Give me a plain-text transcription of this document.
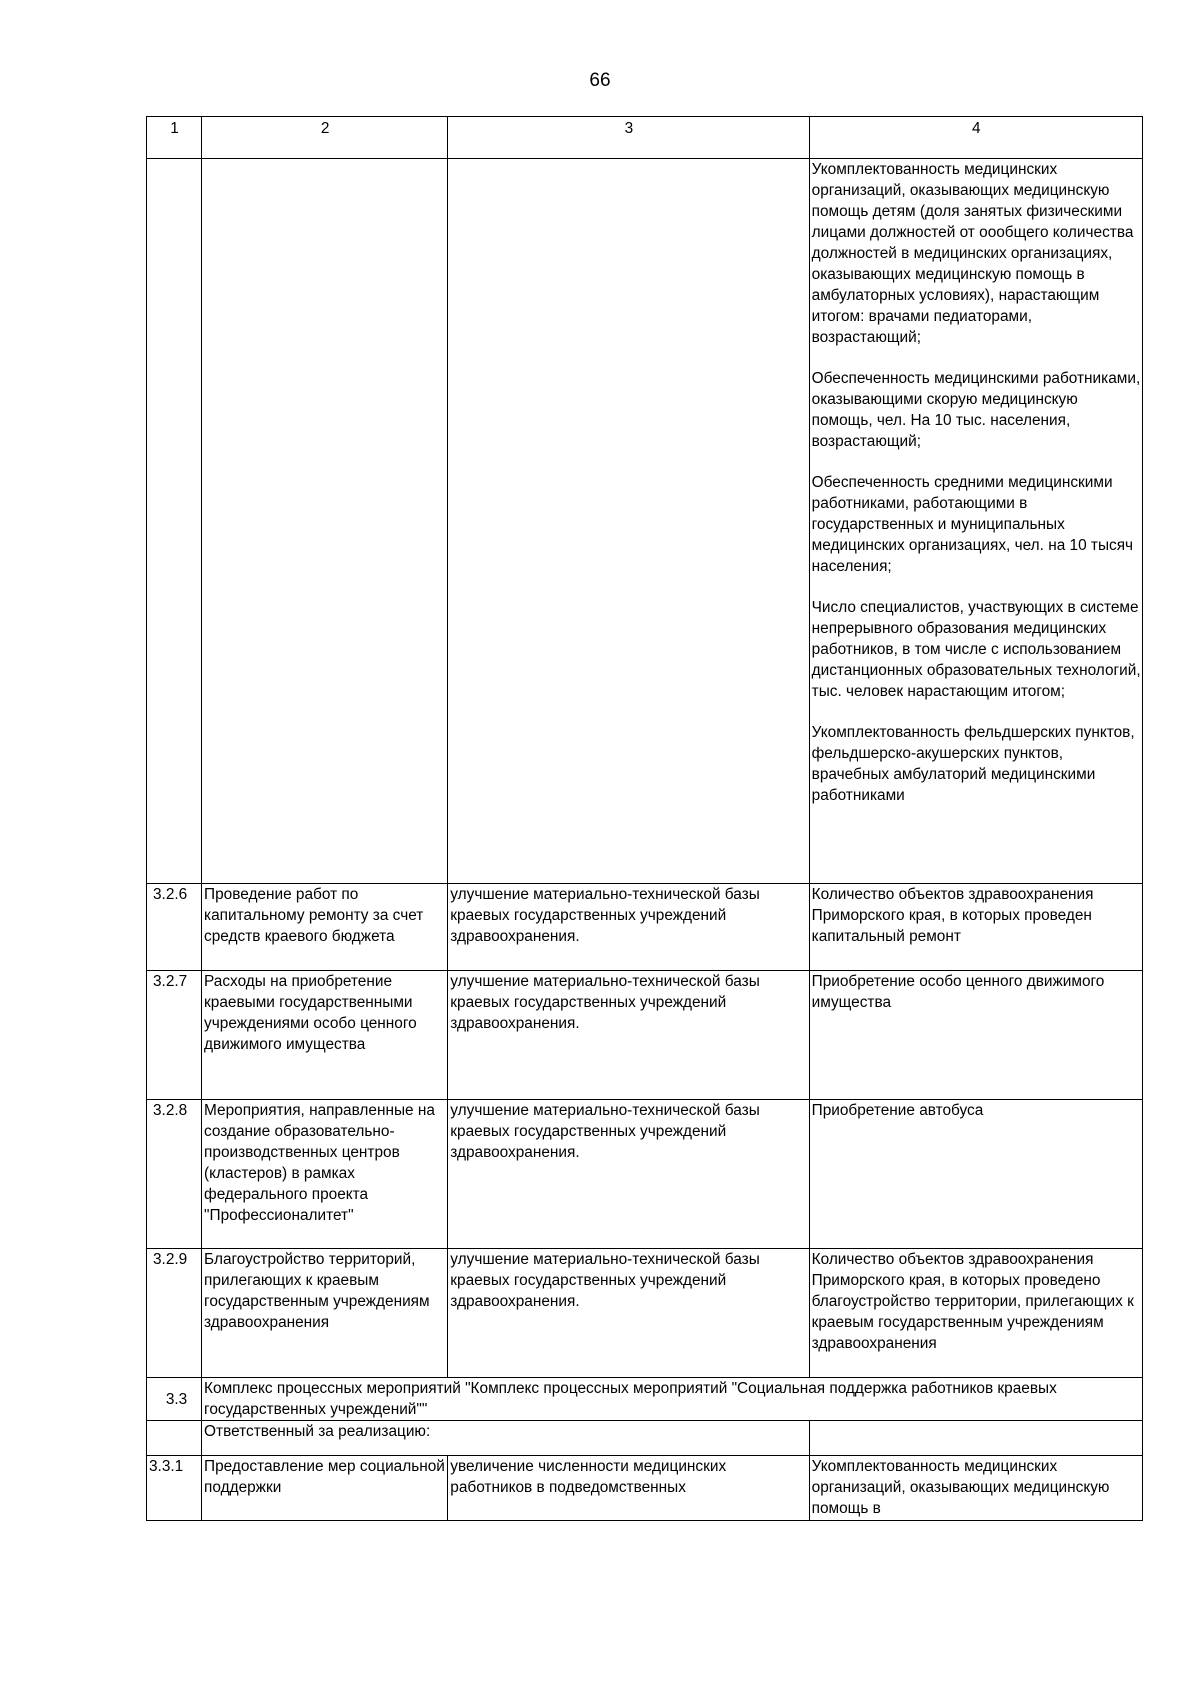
66
1	2	3	4

			Укомплектованность медицинских организаций, оказывающих медицинскую помощь детям (доля занятых физическими лицами должностей от оообщего количества должностей в медицинских организациях, оказывающих медицинскую помощь в амбулаторных условиях), нарастающим итогом: врачами педиаторами, возрастающий;

Обеспеченность медицинскими работниками, оказывающими скорую медицинскую помощь, чел. На 10 тыс. населения, возрастающий;

Обеспеченность средними медицинскими работниками, работающими в государственных и муниципальных медицинских организациях, чел. на 10 тысяч населения;

Число специалистов, участвующих в системе непрерывного образования медицинских работников, в том числе с использованием дистанционных образовательных технологий, тыс. человек нарастающим итогом;

Укомплектованность фельдшерских пунктов, фельдшерско-акушерских пунктов, врачебных амбулаторий медицинскими работниками

3.2.6	Проведение работ по капитальному ремонту за счет средств краевого бюджета	улучшение материально-технической базы краевых государственных учреждений здравоохранения.	Количество объектов здравоохранения Приморского края, в которых проведен капитальный ремонт
3.2.7	Расходы на приобретение краевыми государственными учреждениями особо ценного движимого имущества	улучшение материально-технической базы краевых государственных учреждений здравоохранения.	Приобретение особо ценного движимого имущества
3.2.8	Мероприятия, направленные на создание образовательно-производственных центров (кластеров) в рамках федерального проекта "Профессионалитет"	улучшение материально-технической базы краевых государственных учреждений здравоохранения.	Приобретение автобуса
3.2.9	Благоустройство территорий, прилегающих к краевым государственным учреждениям здравоохранения	улучшение материально-технической базы краевых государственных учреждений здравоохранения.	Количество объектов здравоохранения Приморского края, в которых проведено благоустройство территории, прилегающих к краевым государственным учреждениям здравоохранения
3.3	Комплекс процессных мероприятий "Комплекс процессных мероприятий "Социальная поддержка работников краевых государственных учреждений""		
	Ответственный за реализацию:		
3.3.1	Предоставление мер социальной поддержки	увеличение численности медицинских работников в подведомственных	Укомплектованность медицинских организаций, оказывающих медицинскую помощь в
